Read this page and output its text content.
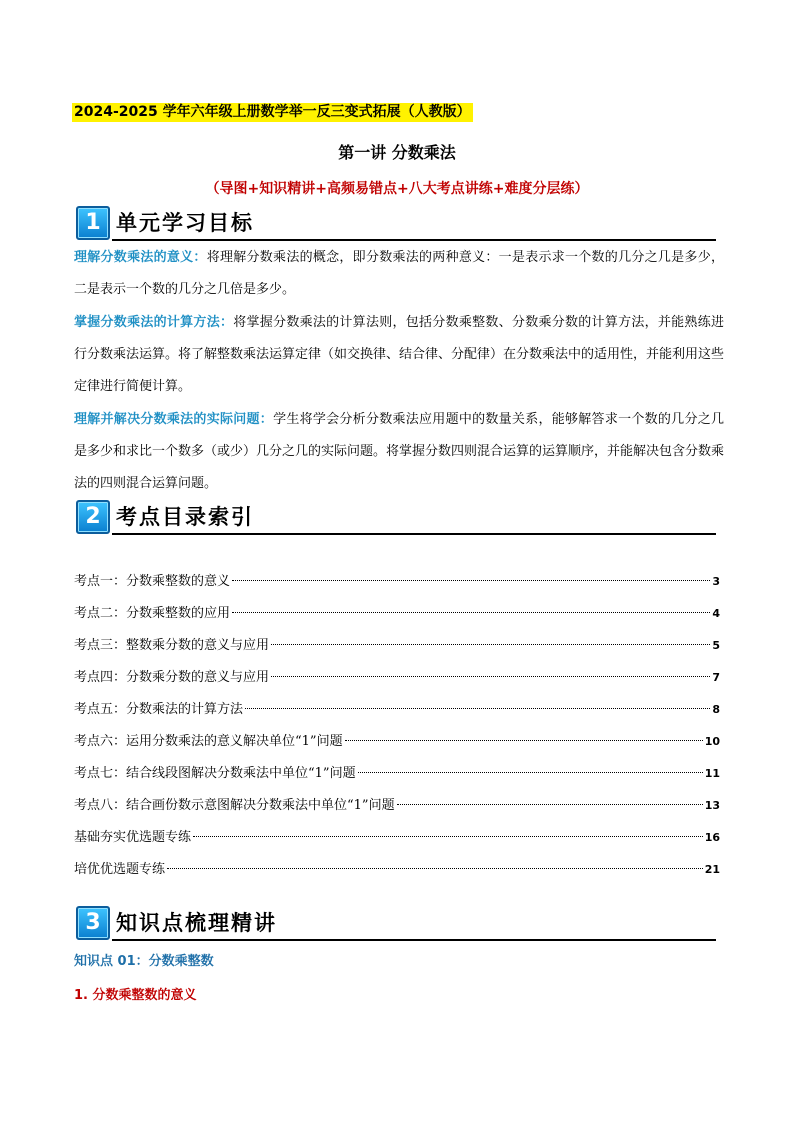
2024-2025 学年六年级上册数学举一反三变式拓展（人教版）
第一讲 分数乘法
（导图+知识精讲+高频易错点+八大考点讲练+难度分层练）
1 单元学习目标
理解分数乘法的意义：将理解分数乘法的概念，即分数乘法的两种意义：一是表示求一个数的几分之几是多少，二是表示一个数的几分之几倍是多少。
掌握分数乘法的计算方法：将掌握分数乘法的计算法则，包括分数乘整数、分数乘分数的计算方法，并能熟练进行分数乘法运算。将了解整数乘法运算定律（如交换律、结合律、分配律）在分数乘法中的适用性，并能利用这些定律进行简便计算。
理解并解决分数乘法的实际问题：学生将学会分析分数乘法应用题中的数量关系，能够解答求一个数的几分之几是多少和求比一个数多（或少）几分之几的实际问题。将掌握分数四则混合运算的运算顺序，并能解决包含分数乘法的四则混合运算问题。
2 考点目录索引
考点一：分数乘整数的意义	3
考点二：分数乘整数的应用	4
考点三：整数乘分数的意义与应用	5
考点四：分数乘分数的意义与应用	7
考点五：分数乘法的计算方法	8
考点六：运用分数乘法的意义解决单位“1”问题	10
考点七：结合线段图解决分数乘法中单位“1”问题	11
考点八：结合画份数示意图解决分数乘法中单位“1”问题	13
基础夯实优选题专练	16
培优优选题专练	21
3 知识点梳理精讲
知识点 01：分数乘整数
1. 分数乘整数的意义
